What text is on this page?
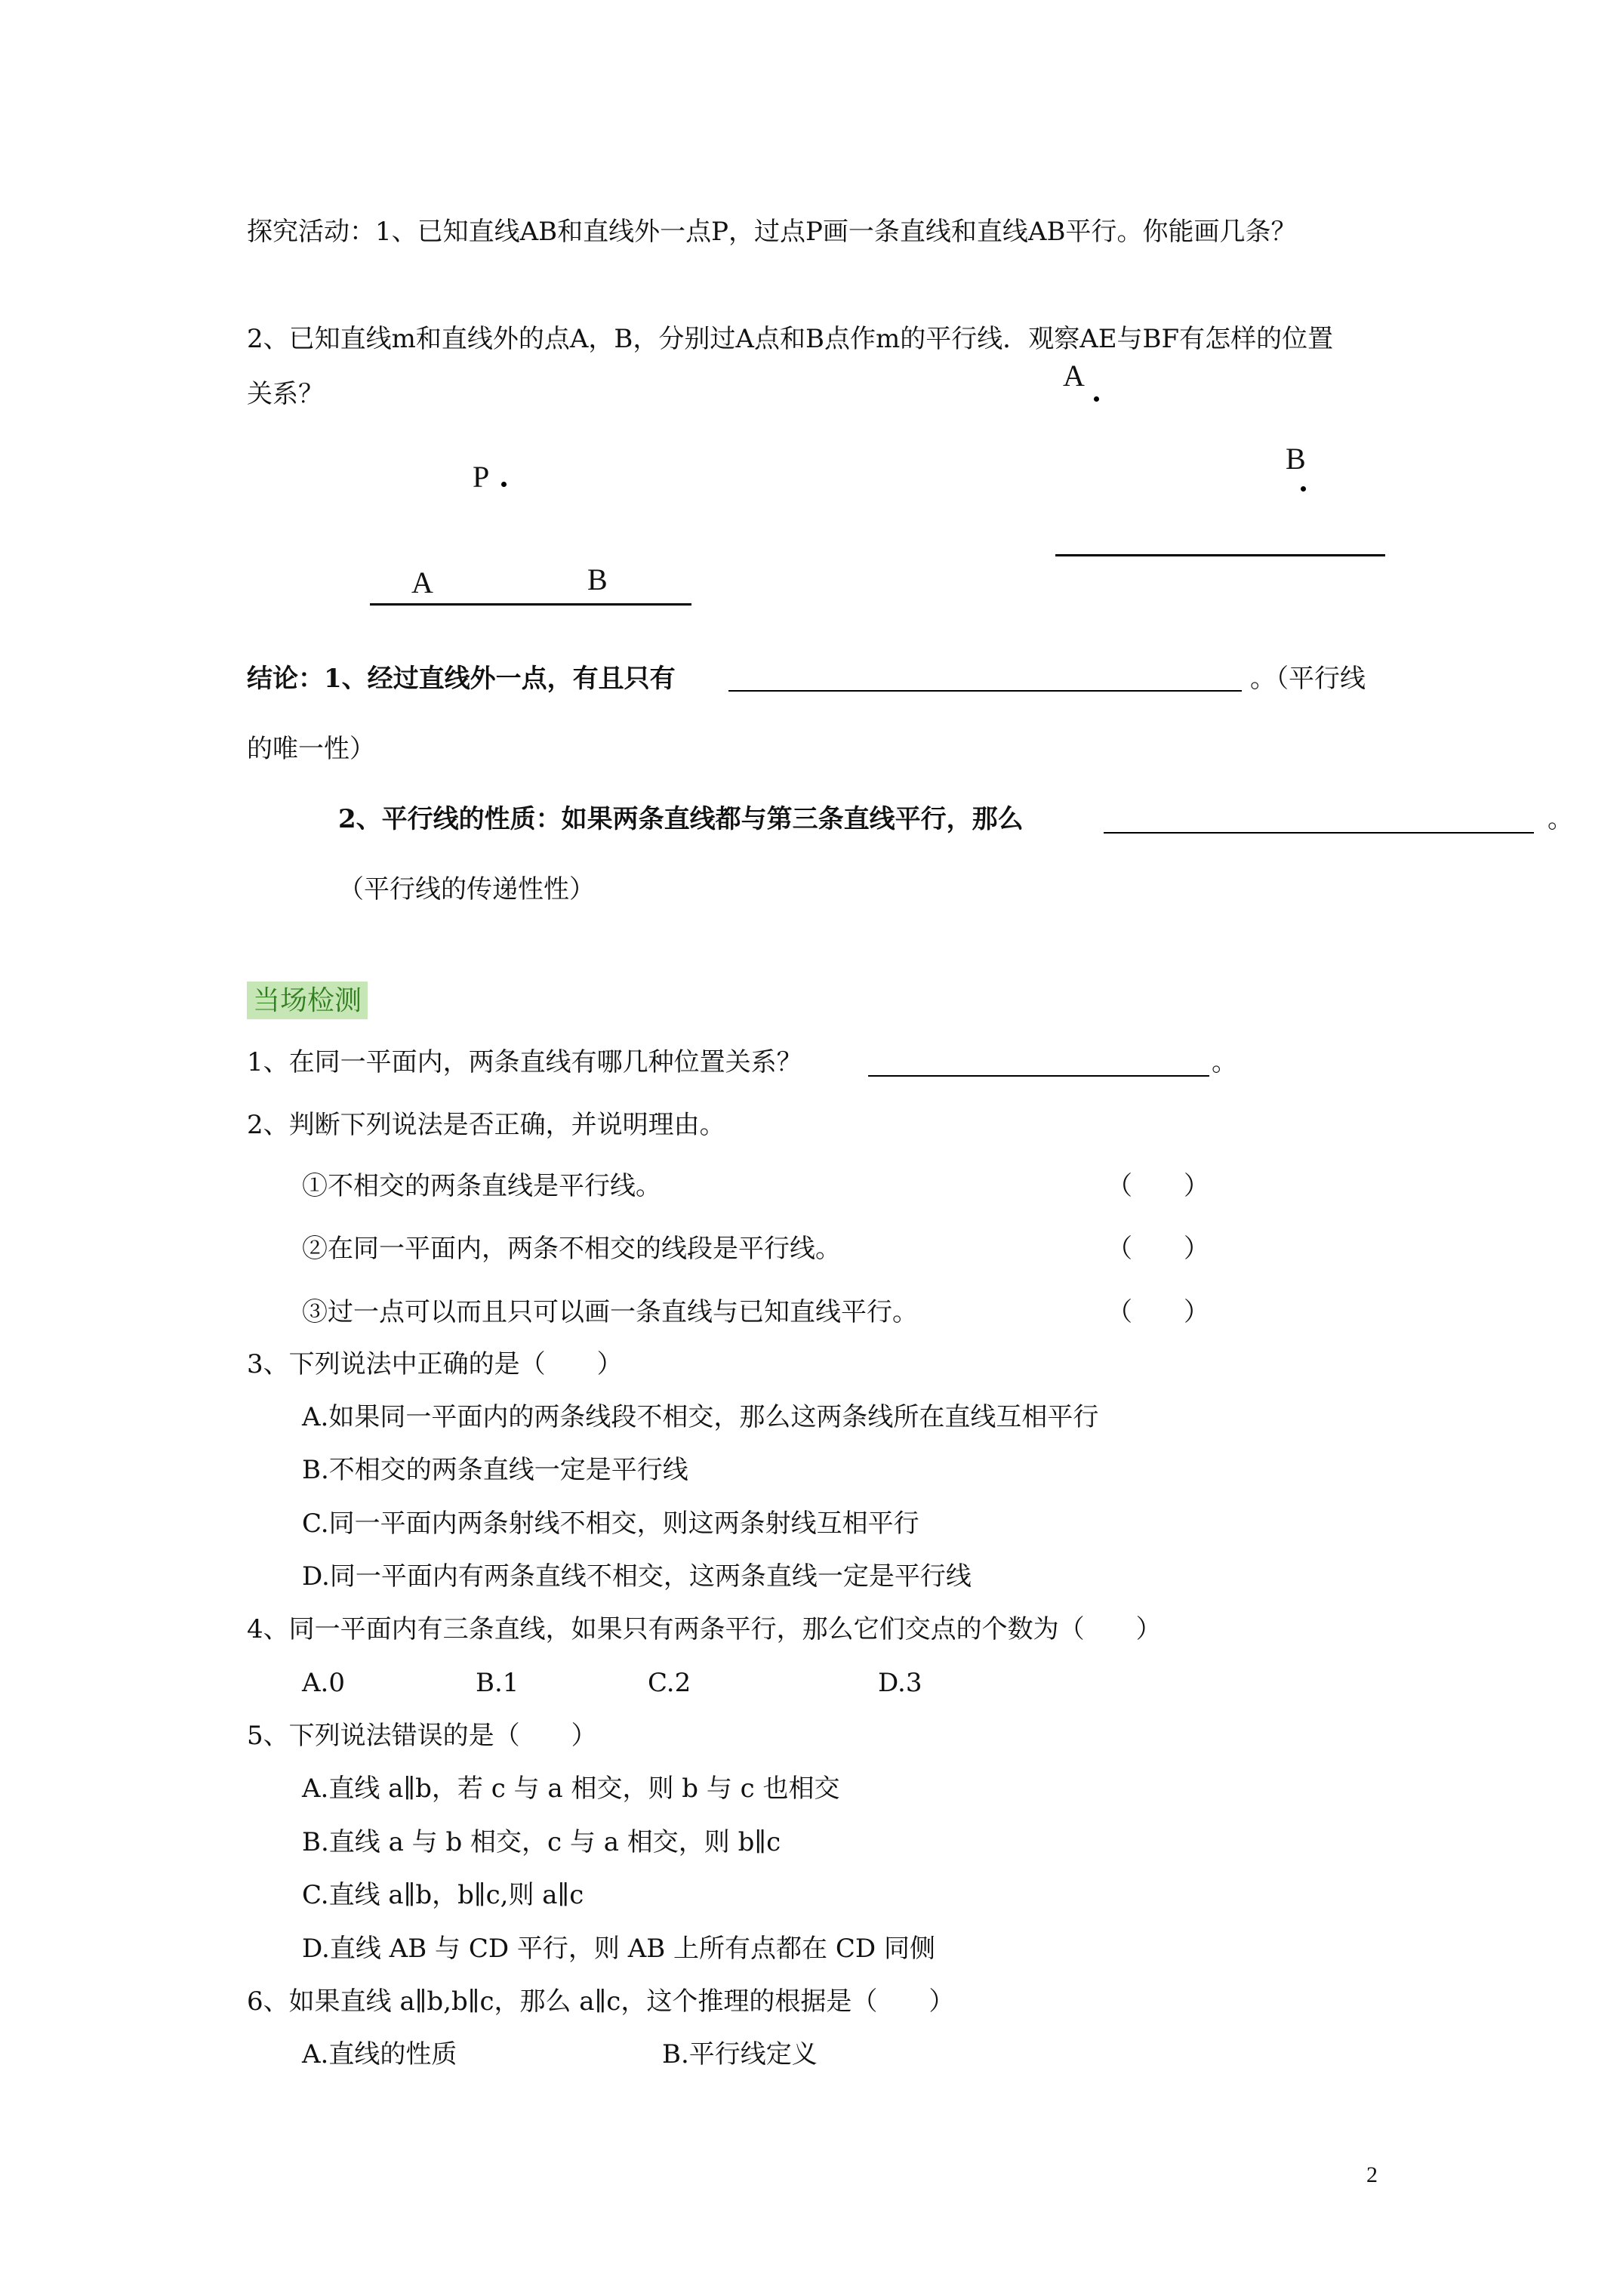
探究活动：1、已知直线AB和直线外一点P，过点P画一条直线和直线AB平行。你能画几条？
2、已知直线m和直线外的点A，B，分别过A点和B点作m的平行线．观察AE与BF有怎样的位置
关系？
P
A	B
A
B
结论：1、经过直线外一点，有且只有	。（平行线
的唯一性）
2、平行线的性质：如果两条直线都与第三条直线平行，那么	。
（平行线的传递性性）
当场检测
1、在同一平面内，两条直线有哪几种位置关系？	。
2、判断下列说法是否正确，并说明理由。
①不相交的两条直线是平行线。	（　　）
②在同一平面内，两条不相交的线段是平行线。	（　　）
③过一点可以而且只可以画一条直线与已知直线平行。	（　　）
3、下列说法中正确的是（　　）
A.如果同一平面内的两条线段不相交，那么这两条线所在直线互相平行
B.不相交的两条直线一定是平行线
C.同一平面内两条射线不相交，则这两条射线互相平行
D.同一平面内有两条直线不相交，这两条直线一定是平行线
4、同一平面内有三条直线，如果只有两条平行，那么它们交点的个数为（　　）
A.0	B.1	C.2	D.3
5、下列说法错误的是（　　）
A.直线 a∥b，若 c 与 a 相交，则 b 与 c 也相交
B.直线 a 与 b 相交，c 与 a 相交，则 b∥c
C.直线 a∥b，b∥c,则 a∥c
D.直线 AB 与 CD 平行，则 AB 上所有点都在 CD 同侧
6、如果直线 a∥b,b∥c，那么 a∥c，这个推理的根据是（　　）
A.直线的性质	B.平行线定义
2
